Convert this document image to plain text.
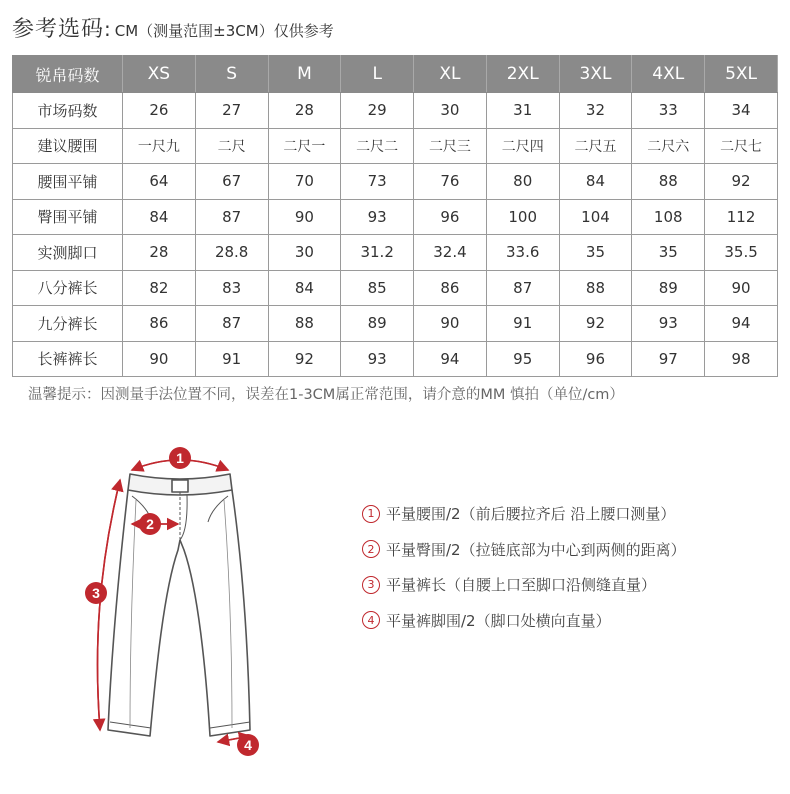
参考选码 : CM（测量范围±3CM）仅供参考
锐帛码数	XS	S	M	L	XL	2XL	3XL	4XL	5XL
市场码数	26	27	28	29	30	31	32	33	34
建议腰围	一尺九	二尺	二尺一	二尺二	二尺三	二尺四	二尺五	二尺六	二尺七
腰围平铺	64	67	70	73	76	80	84	88	92
臀围平铺	84	87	90	93	96	100	104	108	112
实测脚口	28	28.8	30	31.2	32.4	33.6	35	35	35.5
八分裤长	82	83	84	85	86	87	88	89	90
九分裤长	86	87	88	89	90	91	92	93	94
长裤裤长	90	91	92	93	94	95	96	97	98
温馨提示：因测量手法位置不同，误差在1-3CM属正常范围，请介意的MM 慎拍（单位/cm）
1
2
3
4
1 平量腰围/2（前后腰拉齐后 沿上腰口测量）
2 平量臀围/2（拉链底部为中心到两侧的距离）
3 平量裤长（自腰上口至脚口沿侧缝直量）
4 平量裤脚围/2（脚口处横向直量）
